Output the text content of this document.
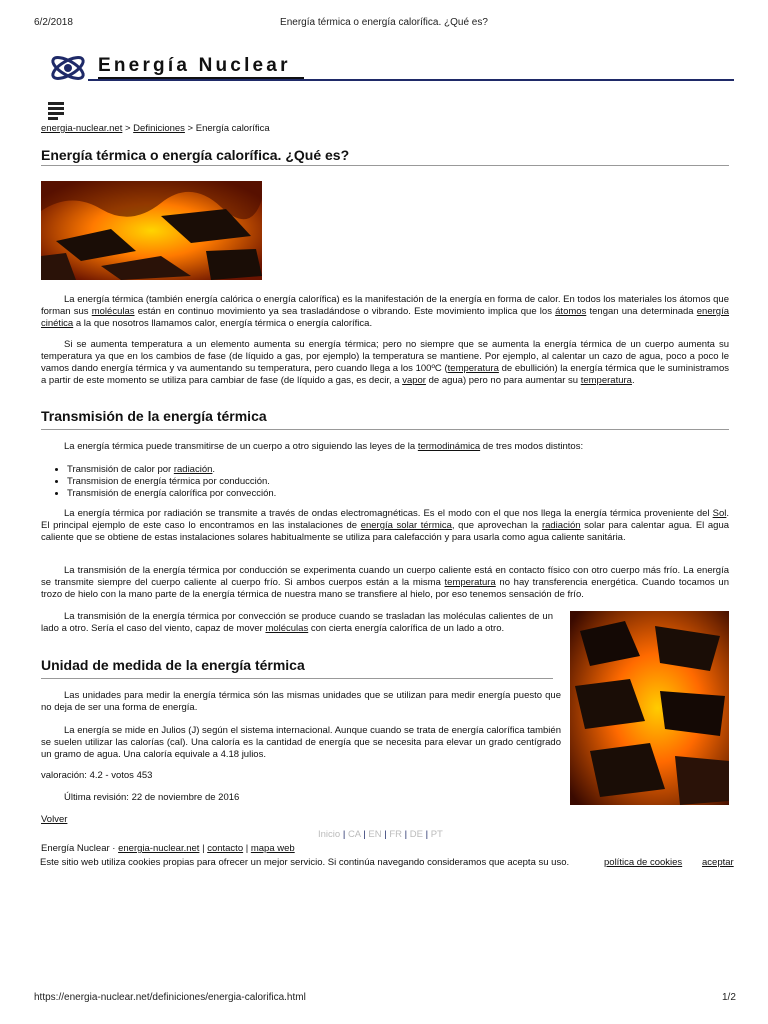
6/2/2018	Energía térmica o energía calorífica. ¿Qué es?
Energía Nuclear
energia-nuclear.net > Definiciones > Energía calorífica
Energía térmica o energía calorífica. ¿Qué es?

La energía térmica (también energía calórica o energía calorífica) es la manifestación de la energía en forma de calor. En todos los materiales los átomos que forman sus moléculas están en continuo movimiento ya sea trasladándose o vibrando. Este movimiento implica que los átomos tengan una determinada energía cinética a la que nosotros llamamos calor, energía térmica o energía calorífica.

Si se aumenta temperatura a un elemento aumenta su energía térmica; pero no siempre que se aumenta la energía térmica de un cuerpo aumenta su temperatura ya que en los cambios de fase (de líquido a gas, por ejemplo) la temperatura se mantiene. Por ejemplo, al calentar un cazo de agua, poco a poco le vamos dando energía térmica y va aumentando su temperatura, pero cuando llega a los 100ºC (temperatura de ebullición) la energía térmica que le suministramos a partir de este momento se utiliza para cambiar de fase (de líquido a gas, es decir, a vapor de agua) pero no para aumentar su temperatura.

Transmisión de la energía térmica

La energía térmica puede transmitirse de un cuerpo a otro siguiendo las leyes de la termodinámica de tres modos distintos:

• Transmisión de calor por radiación.
• Transmision de energía térmica por conducción.
• Transmisión de energía calorífica por convección.

La energía térmica por radiación se transmite a través de ondas electromagnéticas. Es el modo con el que nos llega la energía térmica proveniente del Sol. El principal ejemplo de este caso lo encontramos en las instalaciones de energía solar térmica, que aprovechan la radiación solar para calentar agua. El agua caliente que se obtiene de estas instalaciones solares habitualmente se utiliza para calefacción y para usarla como agua caliente sanitária.

La transmisión de la energía térmica por conducción se experimenta cuando un cuerpo caliente está en contacto físico con otro cuerpo más frío. La energía se transmite siempre del cuerpo caliente al cuerpo frío. Si ambos cuerpos están a la misma temperatura no hay transferencia energética. Cuando tocamos un trozo de hielo con la mano parte de la energía térmica de nuestra mano se transfiere al hielo, por eso tenemos sensación de frío.

La transmisión de la energía térmica por convección se produce cuando se trasladan las moléculas calientes de un lado a otro. Sería el caso del viento, capaz de mover moléculas con cierta energía calorífica de un lado a otro.

Unidad de medida de la energía térmica

Las unidades para medir la energía térmica són las mismas unidades que se utilizan para medir energía puesto que no deja de ser una forma de energía.

La energía se mide en Julios (J) según el sistema internacional. Aunque cuando se trata de energía calorífica también se suelen utilizar las calorías (cal). Una caloría es la cantidad de energía que se necesita para elevar un grado centígrado un gramo de agua. Una caloría equivale a 4.18 julios.

valoración: 4.2 - votos 453
Última revisión: 22 de noviembre de 2016
Volver
Inicio | CA | EN | FR | DE | PT
Energía Nuclear · energia-nuclear.net | contacto | mapa web
Este sitio web utiliza cookies propias para ofrecer un mejor servicio. Si continúa navegando consideramos que acepta su uso.	política de cookies aceptar
https://energia-nuclear.net/definiciones/energia-calorifica.html	1/2
